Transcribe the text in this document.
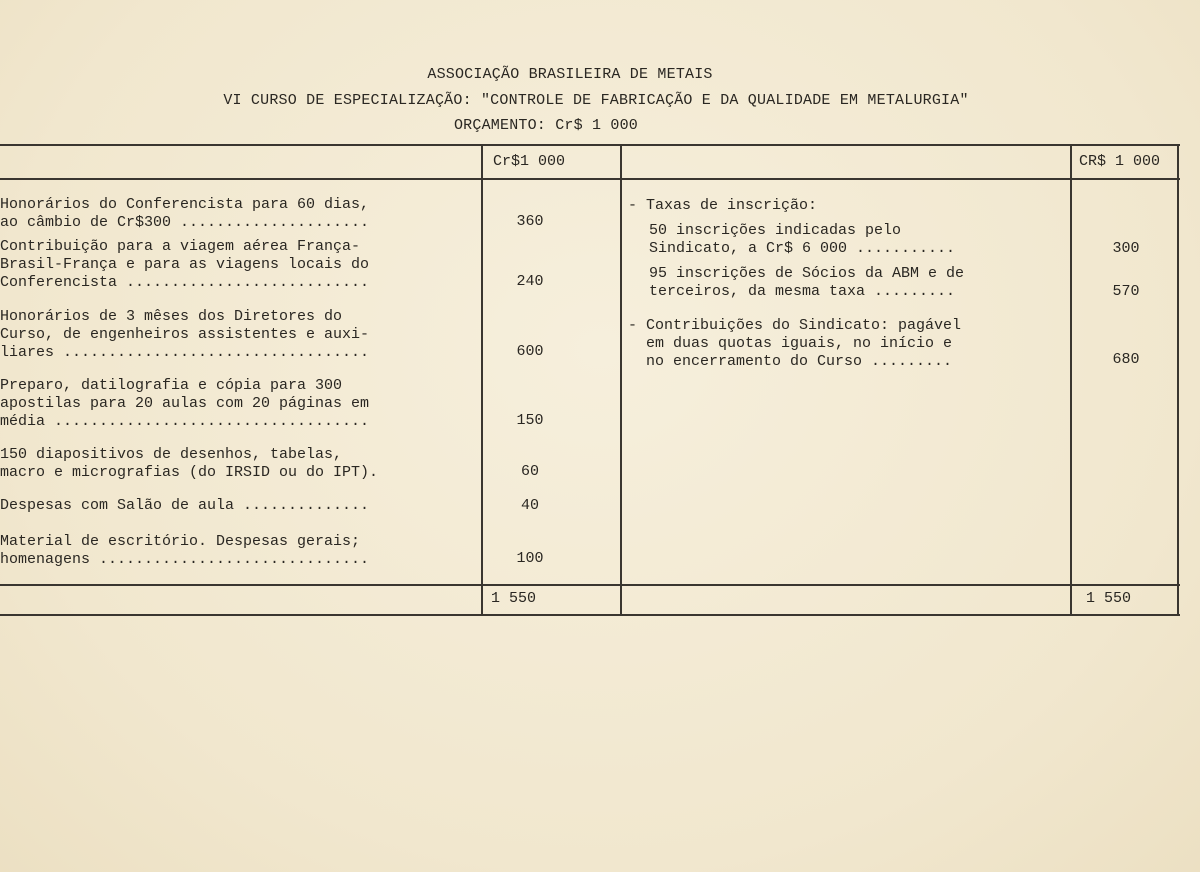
ASSOCIAÇÃO BRASILEIRA DE METAIS
VI CURSO DE ESPECIALIZAÇÃO: "CONTROLE DE FABRICAÇÃO E DA QUALIDADE EM METALURGIA"
ORÇAMENTO: Cr$ 1 000
Cr$1 000	CR$ 1 000
Honorários do Conferencista para 60 dias,
ao câmbio de Cr$300 .....................	360
Contribuição para a viagem aérea França-
Brasil-França e para as viagens locais do
Conferencista ...........................	240
Honorários de 3 mêses dos Diretores do
Curso, de engenheiros assistentes e auxi-
liares ..................................	600
Preparo, datilografia e cópia para 300
apostilas para 20 aulas com 20 páginas em
média ...................................	150
150 diapositivos de desenhos, tabelas,
macro e micrografias (do IRSID ou do IPT).	60
Despesas com Salão de aula ..............	40
Material de escritório. Despesas gerais;
homenagens ..............................	100
- Taxas de inscrição:
50 inscrições indicadas pelo
Sindicato, a Cr$ 6 000 ...........	300
95 inscrições de Sócios da ABM e de
terceiros, da mesma taxa .........	570
- Contribuições do Sindicato: pagável
em duas quotas iguais, no início e
no encerramento do Curso .........	680
1 550	1 550
